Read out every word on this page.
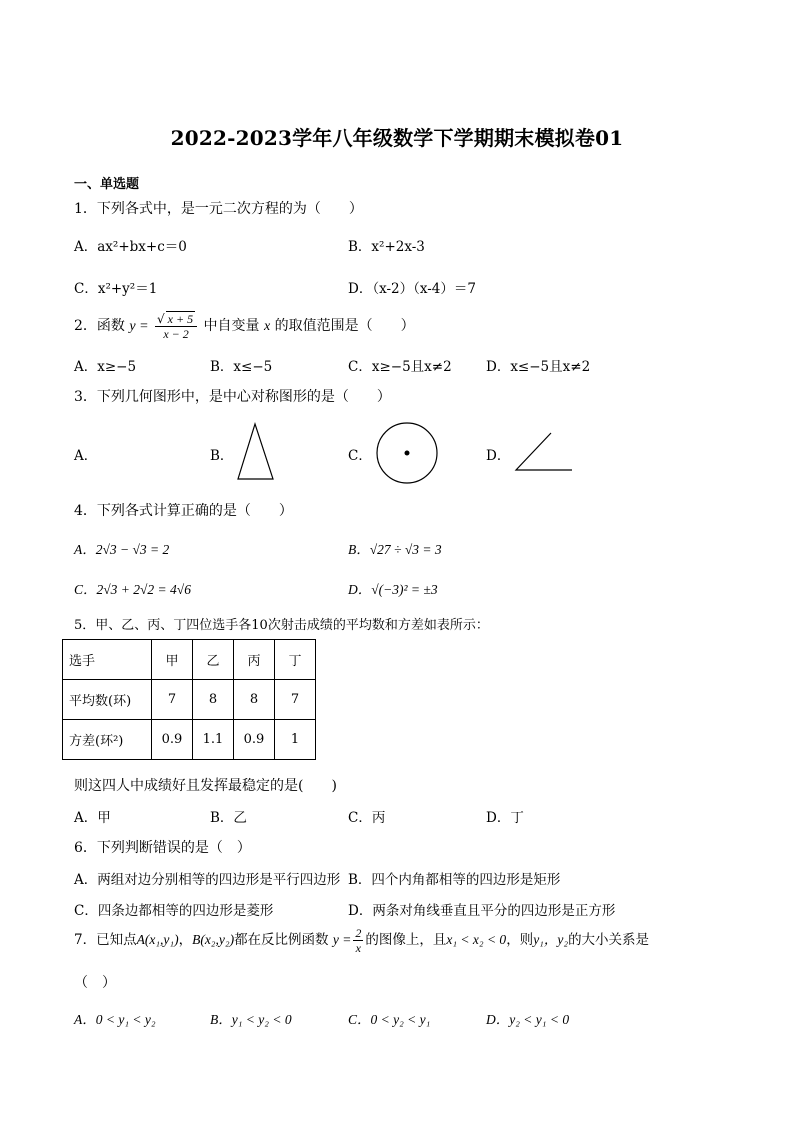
2022-2023学年八年级数学下学期期末模拟卷01
一、单选题
1．下列各式中，是一元二次方程的为（　　）
A．ax²+bx+c＝0	B．x²+2x-3
C．x²+y²＝1	D．（x-2）（x-4）＝7
2．函数 $y = \frac{√ x + 5}{x - 2}$ 中自变量 x 的取值范围是（　　）
A．x≥−5	B．x≤−5	C．x≥−5且x≠2	D．x≤−5且x≠2
3．下列几何图形中，是中心对称图形的是（　　）
A．	B．	C．	D．
4．下列各式计算正确的是（　　）
A．2√3 − √3 = 2	B．√27 ÷ √3 = 3
C．2√3 + 2√2 = 4√6	D．√(−3)² = ±3
5．甲、乙、丙、丁四位选手各10次射击成绩的平均数和方差如表所示：
选手	甲	乙	丙	丁
平均数(环)	7	8	8	7
方差(环²)	0.9	1.1	0.9	1
则这四人中成绩好且发挥最稳定的是(　　)
A．甲	B．乙	C．丙	D．丁
6．下列判断错误的是（　）
A．两组对边分别相等的四边形是平行四边形 B．四个内角都相等的四边形是矩形
C．四条边都相等的四边形是菱形	D．两条对角线垂直且平分的四边形是正方形
7．已知点A(x₁,y₁)，B(x₂,y₂)都在反比例函数 $y = \frac{2}{x}$ 的图像上，且x₁ < x₂ < 0，则y₁，y₂的大小关系是
（　）
A．0 < y₁ < y₂	B．y₁ < y₂ < 0	C．0 < y₂ < y₁	D．y₂ < y₁ < 0
